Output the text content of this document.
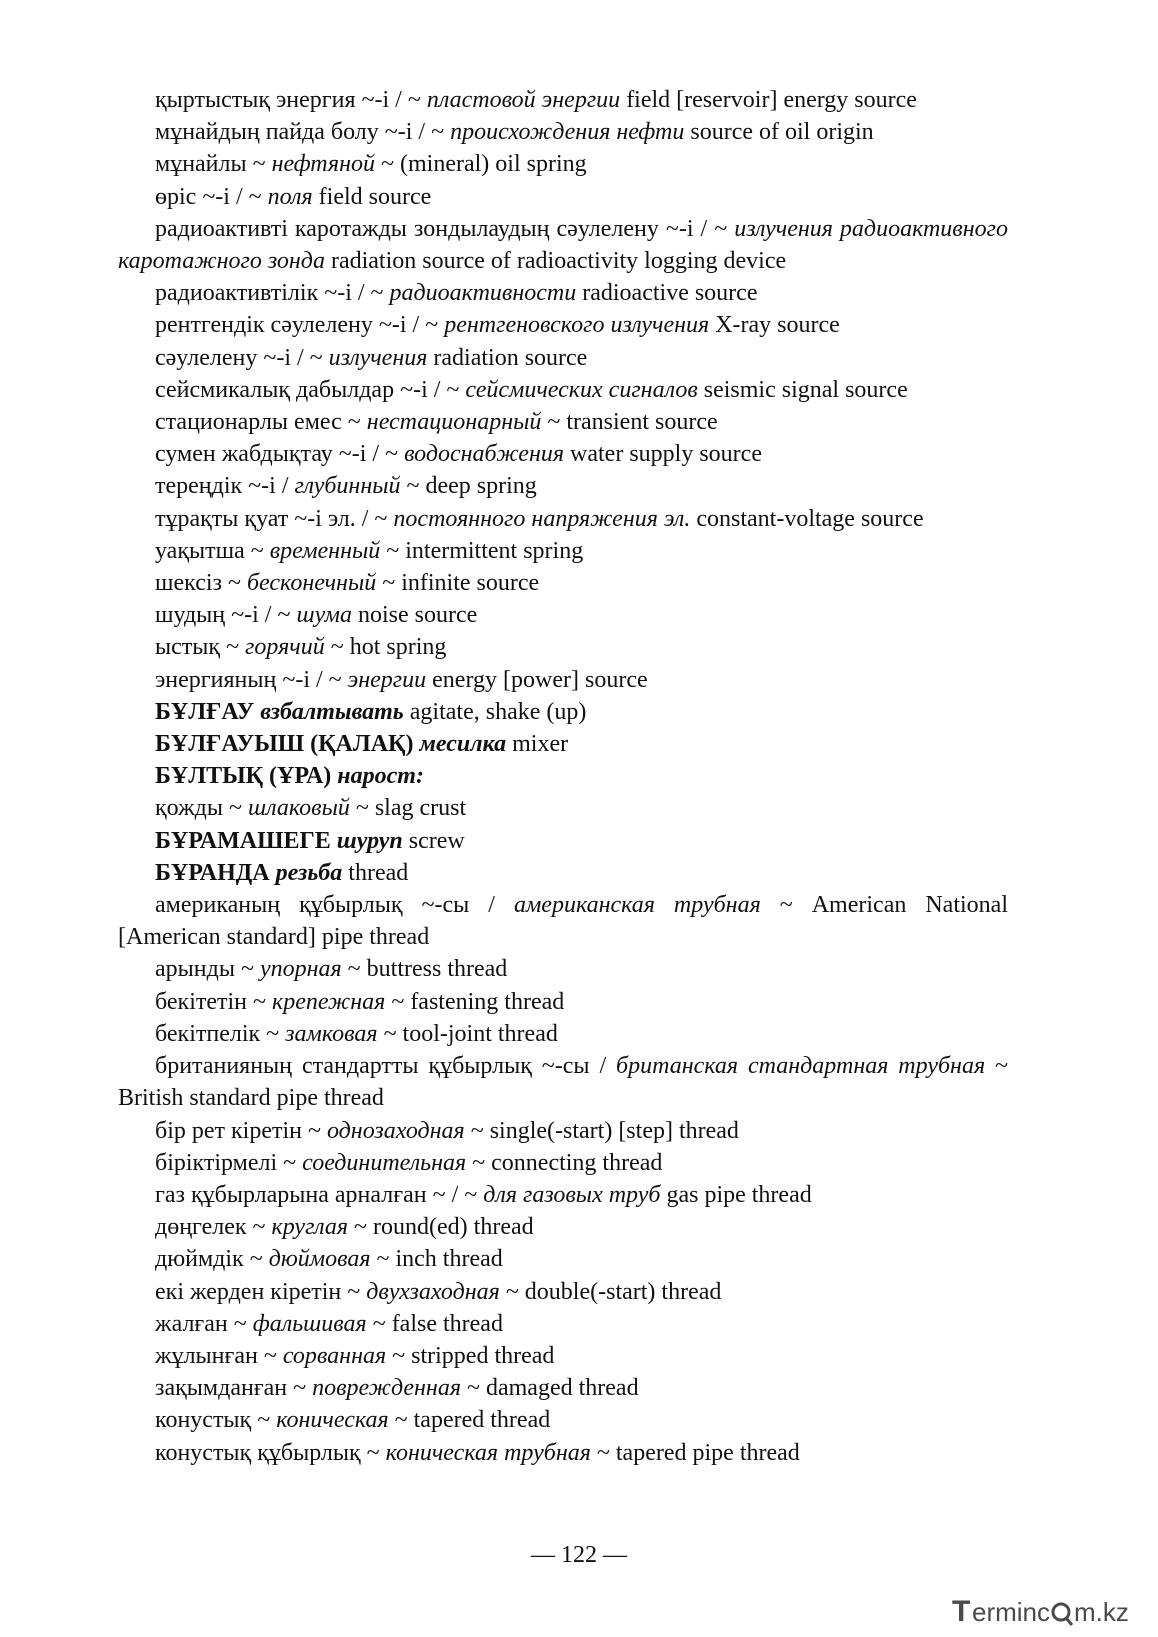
қыртыстық энергия ~-і / ~ пластовой энергии field [reservoir] energy source

мұнайдың пайда болу ~-і / ~ происхождения нефти source of oil origin

мұнайлы ~ нефтяной ~ (mineral) oil spring

өріс ~-і / ~ поля field source

радиоактивті каротажды зондылаудың сәулелену ~-і / ~ излучения радиоактивного каротажного зонда radiation source of radioactivity logging device

радиоактивтілік ~-і / ~ радиоактивности radioactive source

рентгендік сәулелену ~-і / ~ рентгеновского излучения X-ray source

сәулелену ~-і / ~ излучения radiation source

сейсмикалық дабылдар ~-і / ~ сейсмических сигналов seismic signal source

стационарлы емес ~ нестационарный ~ transient source

сумен жабдықтау ~-і / ~ водоснабжения water supply source

тереңдік ~-і / глубинный ~ deep spring

тұрақты қуат ~-і эл. / ~ постоянного напряжения эл. constant-voltage source

уақытша ~ временный ~ intermittent spring

шексіз ~ бесконечный ~ infinite source

шудың ~-і / ~ шума noise source

ыстық ~ горячий ~ hot spring

энергияның ~-і / ~ энергии energy [power] source

БҰЛҒАУ взбалтывать agitate, shake (up)

БҰЛҒАУЫШ (ҚАЛАҚ) месилка mixer

БҰЛТЫҚ (ҰРА) нарост:

қожды ~ шлаковый ~ slag crust

БҰРАМАШЕГЕ шуруп screw

БҰРАНДА резьба thread

американың құбырлық ~-сы / американская трубная ~ American National [American standard] pipe thread

арынды ~ упорная ~ buttress thread

бекітетін ~ крепежная ~ fastening thread

бекітпелік ~ замковая ~ tool-joint thread

британияның стандартты құбырлық ~-сы / британская стандартная трубная ~ British standard pipe thread

бір рет кіретін ~ однозаходная ~ single(-start) [step] thread

біріктірмелі ~ соединительная ~ connecting thread

газ құбырларына арналған ~ / ~ для газовых труб gas pipe thread

дөңгелек ~ круглая ~ round(ed) thread

дюймдік ~ дюймовая ~ inch thread

екі жерден кіретін ~ двухзаходная ~ double(-start) thread

жалған ~ фальшивая ~ false thread

жұлынған ~ сорванная ~ stripped thread

зақымданған ~ поврежденная ~ damaged thread

конустық ~ коническая ~ tapered thread

конустық құбырлық ~ коническая трубная ~ tapered pipe thread

— 122 —
T erminc m.kz
